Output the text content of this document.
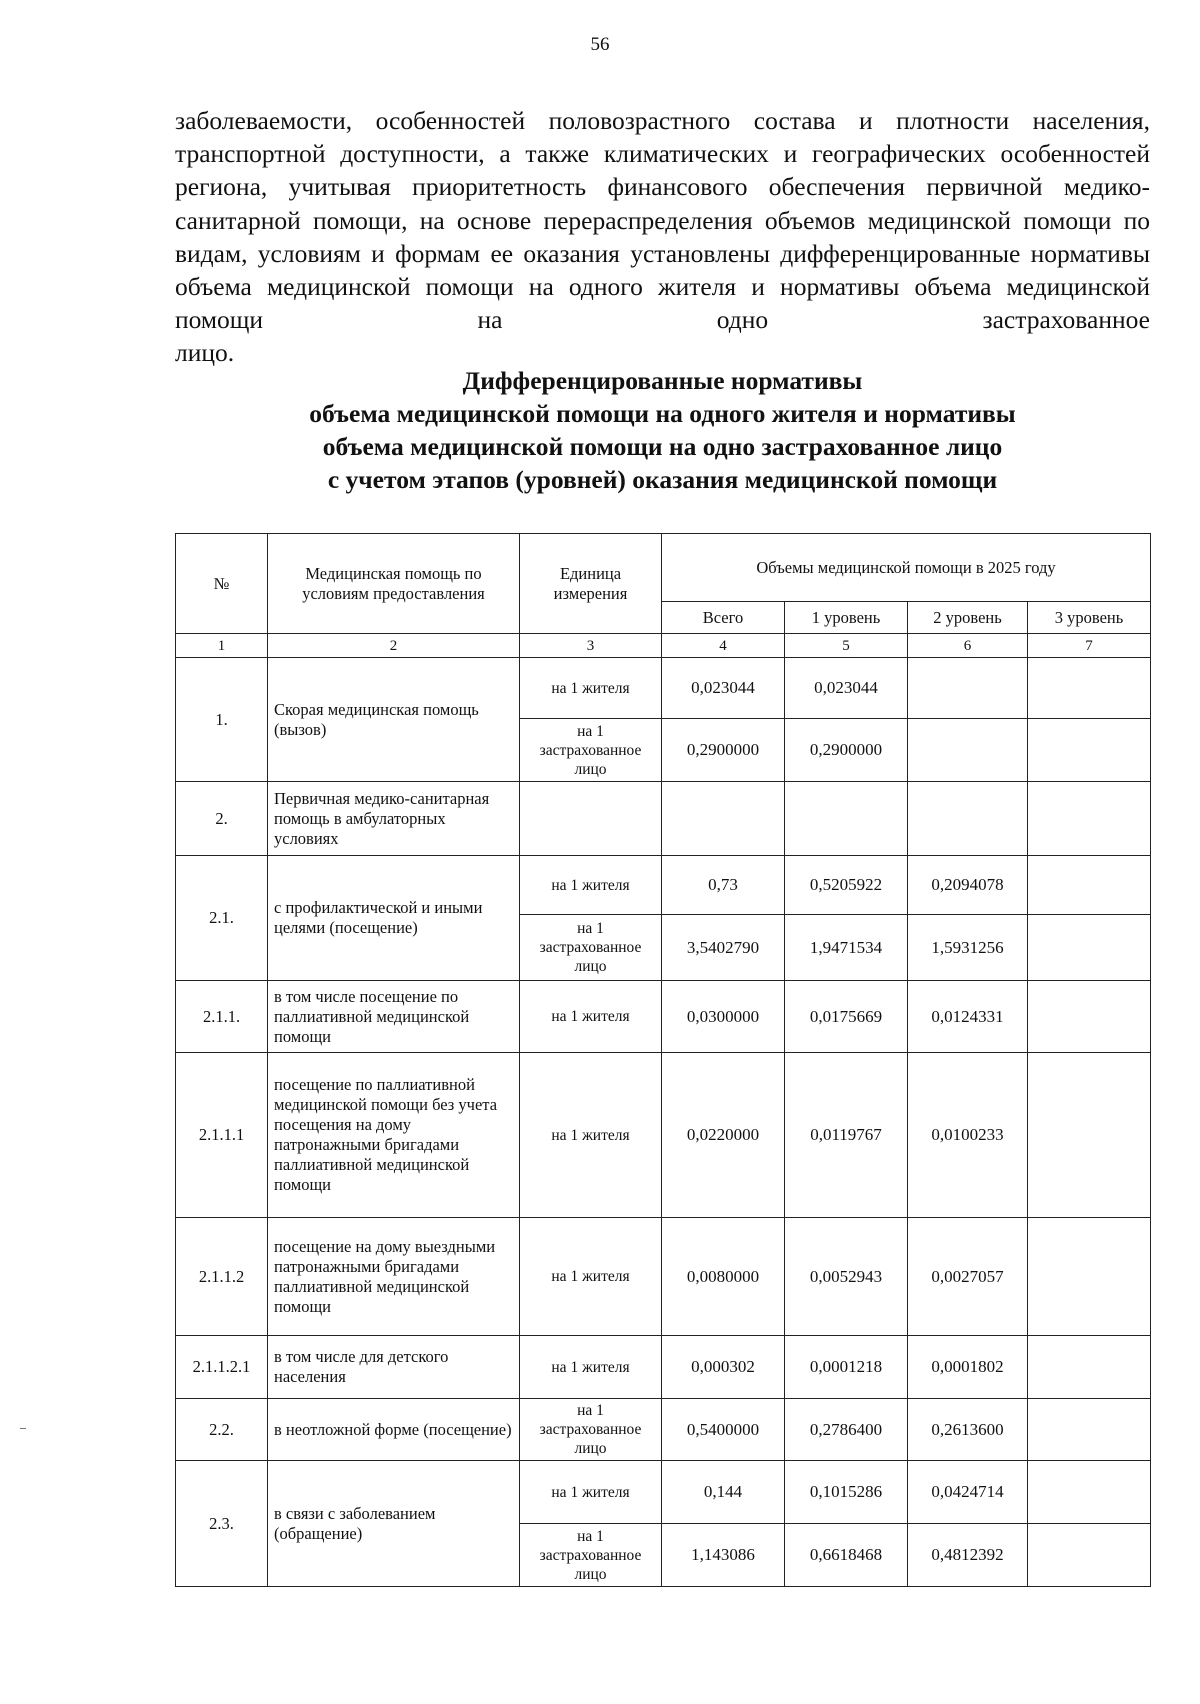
56
заболеваемости, особенностей половозрастного состава и плотности населения, транспортной доступности, а также климатических и географических особенностей региона, учитывая приоритетность финансового обеспечения первичной медико-санитарной помощи, на основе перераспределения объемов медицинской помощи по видам, условиям и формам ее оказания установлены дифференцированные нормативы объема медицинской помощи на одного жителя и нормативы объема медицинской помощи на одно застрахованное
лицо.
Дифференцированные нормативы
объема медицинской помощи на одного жителя и нормативы
объема медицинской помощи на одно застрахованное лицо
с учетом этапов (уровней) оказания медицинской помощи
№	Медицинская помощь по условиям предоставления	Единица измерения	Объемы медицинской помощи в 2025 году			
			Всего	1 уровень	2 уровень	3 уровень
1	2	3	4	5	6	7
1.	Скорая медицинская помощь (вызов)	на 1 жителя	0,023044	0,023044		
		на 1 застрахованное лицо	0,2900000	0,2900000		
2.	Первичная медико-санитарная помощь в амбулаторных условиях					
2.1.	с профилактической и иными целями (посещение)	на 1 жителя	0,73	0,5205922	0,2094078	
		на 1 застрахованное лицо	3,5402790	1,9471534	1,5931256	
2.1.1.	в том числе посещение по паллиативной медицинской помощи	на 1 жителя	0,0300000	0,0175669	0,0124331	
2.1.1.1	посещение по паллиативной медицинской помощи без учета посещения на дому патронажными бригадами паллиативной медицинской помощи	на 1 жителя	0,0220000	0,0119767	0,0100233	
2.1.1.2	посещение на дому выездными патронажными бригадами паллиативной медицинской помощи	на 1 жителя	0,0080000	0,0052943	0,0027057	
2.1.1.2.1	в том числе для детского населения	на 1 жителя	0,000302	0,0001218	0,0001802	
2.2.	в неотложной форме (посещение)	на 1 застрахованное лицо	0,5400000	0,2786400	0,2613600	
2.3.	в связи с заболеванием (обращение)	на 1 жителя	0,144	0,1015286	0,0424714	
		на 1 застрахованное лицо	1,143086	0,6618468	0,4812392	
